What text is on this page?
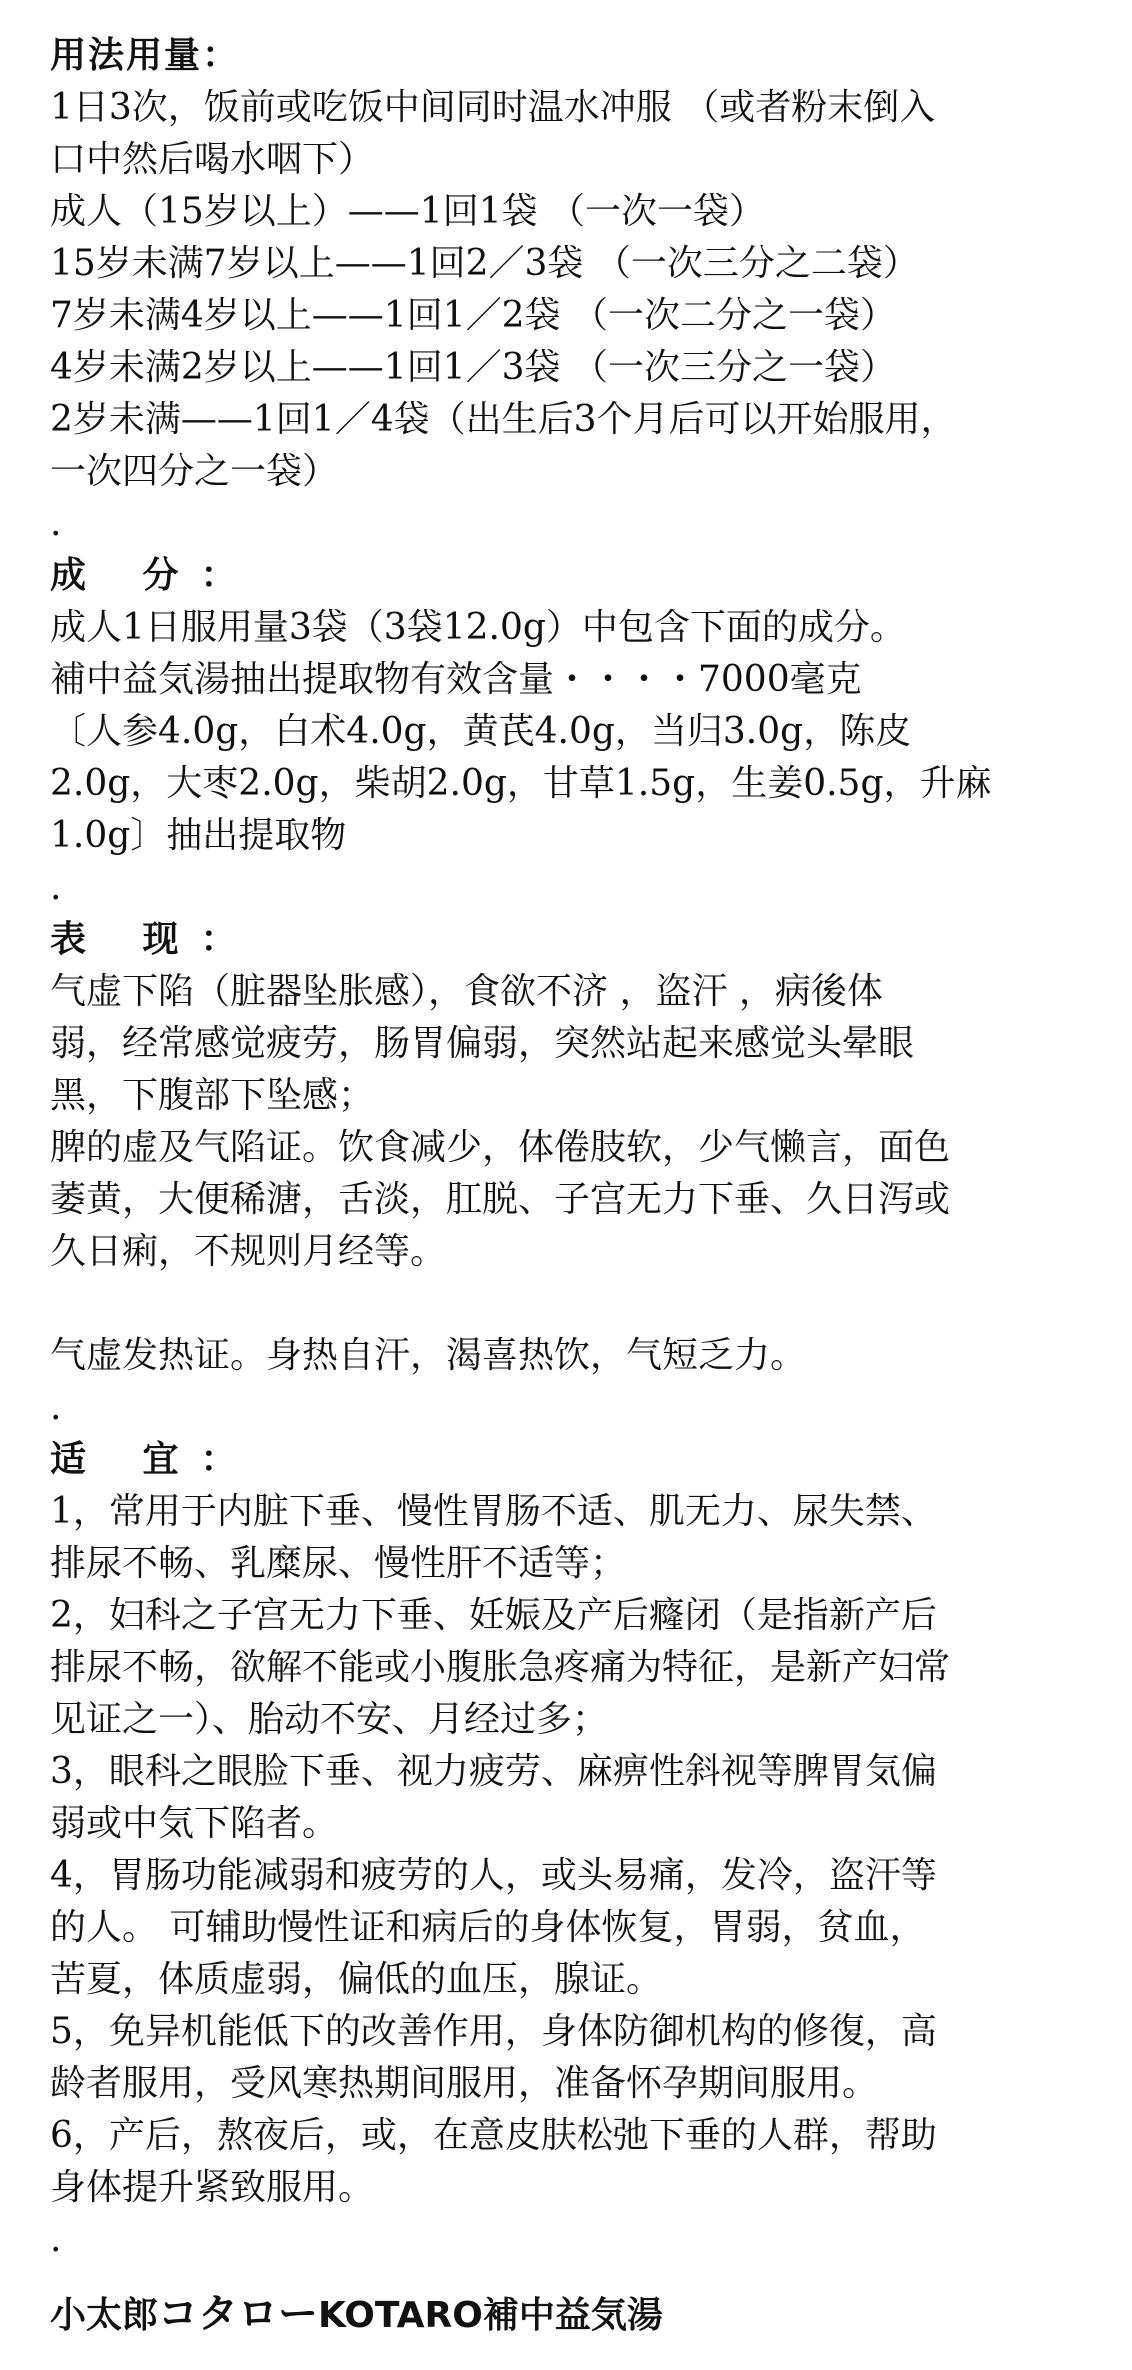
用法用量：
1日3次，饭前或吃饭中间同时温水冲服 （或者粉末倒入
口中然后喝水咽下）
成人（15岁以上）——1回1袋 （一次一袋）
15岁未满7岁以上——1回2／3袋 （一次三分之二袋）
7岁未满4岁以上——1回1／2袋 （一次二分之一袋）
4岁未满2岁以上——1回1／3袋 （一次三分之一袋）
2岁未满——1回1／4袋（出生后3个月后可以开始服用，
一次四分之一袋）
.
成 分：
成人1日服用量3袋（3袋12.0g）中包含下面的成分。
補中益気湯抽出提取物有效含量・・・・7000毫克
〔人参4.0g，白术4.0g，黄芪4.0g，当归3.0g，陈皮
2.0g，大枣2.0g，柴胡2.0g，甘草1.5g，生姜0.5g，升麻
1.0g〕抽出提取物
.
表 现：
气虚下陷（脏器坠胀感），食欲不济 ，盗汗 ，病後体
弱，经常感觉疲劳，肠胃偏弱，突然站起来感觉头晕眼
黑，下腹部下坠感；
脾的虚及气陷证。饮食减少，体倦肢软，少气懒言，面色
萎黄，大便稀溏，舌淡，肛脱、子宫无力下垂、久日泻或
久日痢，不规则月经等。
气虚发热证。身热自汗，渴喜热饮，气短乏力。
.
适 宜：
1，常用于内脏下垂、慢性胃肠不适、肌无力、尿失禁、
排尿不畅、乳糜尿、慢性肝不适等；
2，妇科之子宫无力下垂、妊娠及产后癃闭（是指新产后
排尿不畅，欲解不能或小腹胀急疼痛为特征，是新产妇常
见证之一）、胎动不安、月经过多；
3，眼科之眼脸下垂、视力疲劳、麻痹性斜视等脾胃気偏
弱或中気下陷者。
4，胃肠功能减弱和疲劳的人，或头易痛，发冷，盗汗等
的人。 可辅助慢性证和病后的身体恢复，胃弱，贫血，
苦夏，体质虚弱，偏低的血压，腺证。
5，免异机能低下的改善作用，身体防御机构的修復，高
龄者服用，受风寒热期间服用，准备怀孕期间服用。
6，产后，熬夜后，或，在意皮肤松弛下垂的人群，帮助
身体提升紧致服用。
.
小太郎コタローKOTARO補中益気湯
